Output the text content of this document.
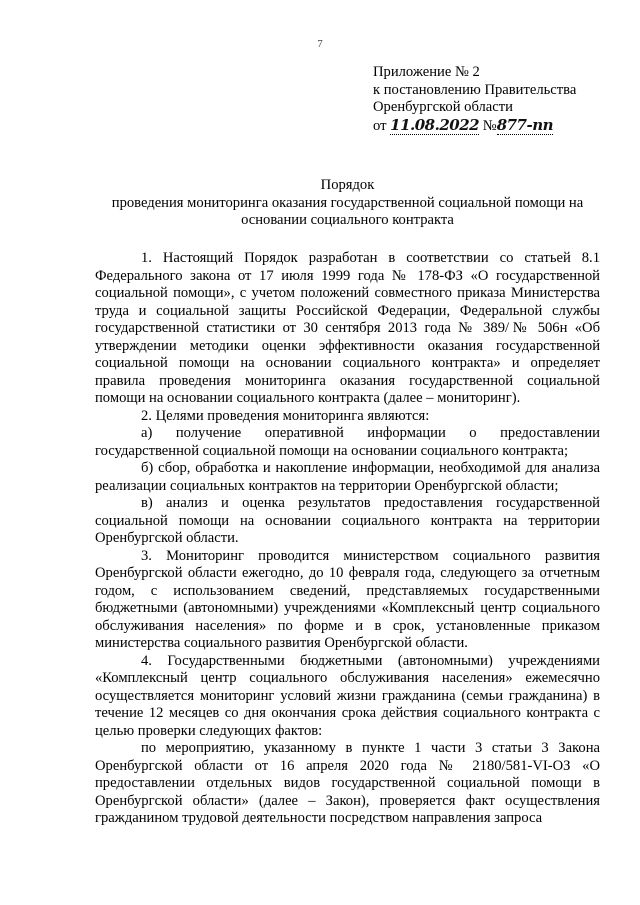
7
Приложение № 2
к постановлению Правительства
Оренбургской области
от 11.08.2022 №877-пп
Порядок
проведения мониторинга оказания государственной социальной помощи на основании социального контракта

1. Настоящий Порядок разработан в соответствии со статьей 8.1 Федерального закона от 17 июля 1999 года № 178-ФЗ «О государственной социальной помощи», с учетом положений совместного приказа Министерства труда и социальной защиты Российской Федерации, Федеральной службы государственной статистики от 30 сентября 2013 года № 389/№ 506н «Об утверждении методики оценки эффективности оказания государственной социальной помощи на основании социального контракта» и определяет правила проведения мониторинга оказания государственной социальной помощи на основании социального контракта (далее – мониторинг).

2. Целями проведения мониторинга являются:

а) получение оперативной информации о предоставлении государственной социальной помощи на основании социального контракта;

б) сбор, обработка и накопление информации, необходимой для анализа реализации социальных контрактов на территории Оренбургской области;

в) анализ и оценка результатов предоставления государственной социальной помощи на основании социального контракта на территории Оренбургской области.

3. Мониторинг проводится министерством социального развития Оренбургской области ежегодно, до 10 февраля года, следующего за отчетным годом, с использованием сведений, представляемых государственными бюджетными (автономными) учреждениями «Комплексный центр социального обслуживания населения» по форме и в срок, установленные приказом министерства социального развития Оренбургской области.

4. Государственными бюджетными (автономными) учреждениями «Комплексный центр социального обслуживания населения» ежемесячно осуществляется мониторинг условий жизни гражданина (семьи гражданина) в течение 12 месяцев со дня окончания срока действия социального контракта с целью проверки следующих фактов:

по мероприятию, указанному в пункте 1 части 3 статьи 3 Закона Оренбургской области от 16 апреля 2020 года № 2180/581-VI-ОЗ «О предоставлении отдельных видов государственной социальной помощи в Оренбургской области» (далее – Закон), проверяется факт осуществления гражданином трудовой деятельности посредством направления запроса
